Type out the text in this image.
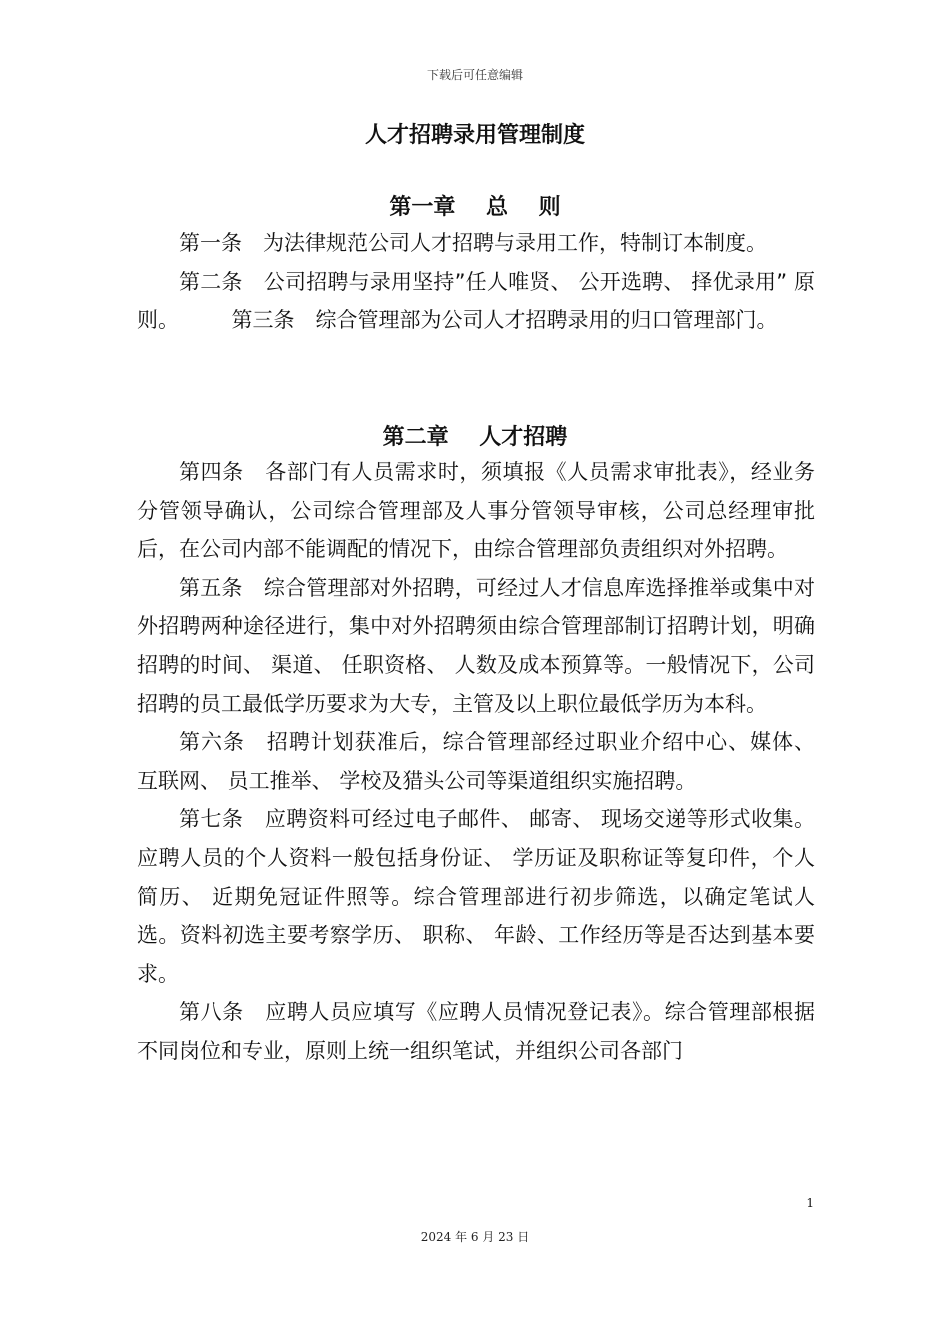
下载后可任意编辑
人才招聘录用管理制度
第一章    总    则

第一条　为法律规范公司人才招聘与录用工作，特制订本制度。

第二条　公司招聘与录用坚持”任人唯贤、 公开选聘、 择优录用” 原则。　　　第三条　综合管理部为公司人才招聘录用的归口管理部门。

第二章    人才招聘

第四条　各部门有人员需求时，须填报《人员需求审批表》，经业务分管领导确认，公司综合管理部及人事分管领导审核，公司总经理审批后，在公司内部不能调配的情况下，由综合管理部负责组织对外招聘。

第五条　综合管理部对外招聘，可经过人才信息库选择推举或集中对外招聘两种途径进行，集中对外招聘须由综合管理部制订招聘计划，明确招聘的时间、 渠道、 任职资格、 人数及成本预算等。一般情况下，公司招聘的员工最低学历要求为大专，主管及以上职位最低学历为本科。

第六条　招聘计划获准后，综合管理部经过职业介绍中心、媒体、 互联网、 员工推举、 学校及猎头公司等渠道组织实施招聘。

第七条　应聘资料可经过电子邮件、 邮寄、 现场交递等形式收集。应聘人员的个人资料一般包括身份证、 学历证及职称证等复印件，个人简历、 近期免冠证件照等。综合管理部进行初步筛选，以确定笔试人选。资料初选主要考察学历、 职称、 年龄、工作经历等是否达到基本要求。

第八条　应聘人员应填写《应聘人员情况登记表》。综合管理部根据不同岗位和专业，原则上统一组织笔试，并组织公司各部门

1
2024 年 6 月 23 日
